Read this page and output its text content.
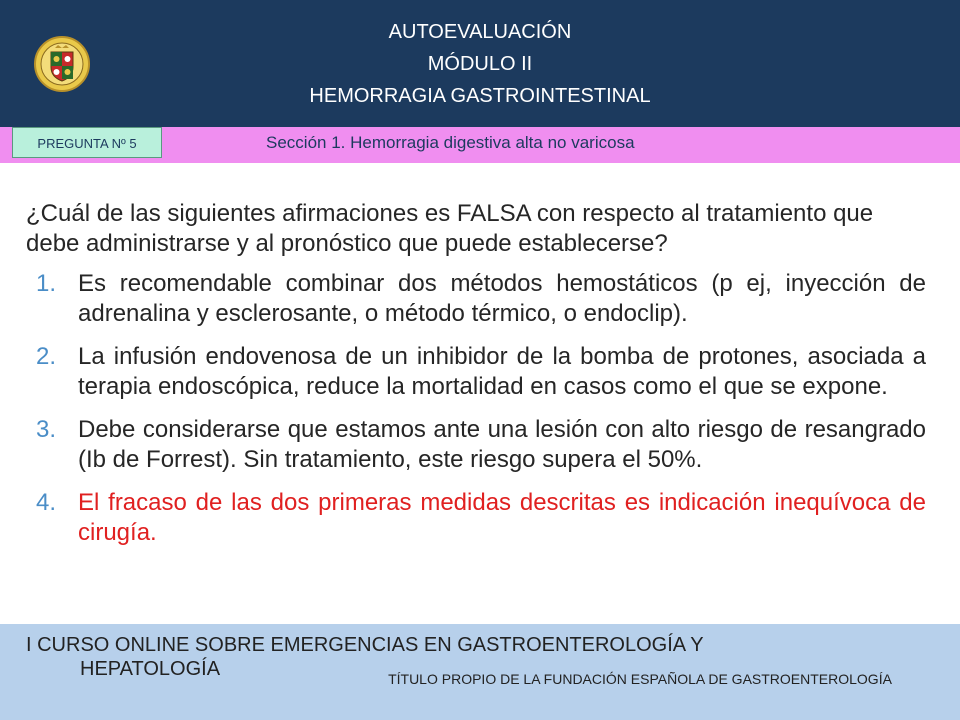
AUTOEVALUACIÓN
MÓDULO II
HEMORRAGIA GASTROINTESTINAL
PREGUNTA Nº 5	Sección 1. Hemorragia digestiva alta no varicosa

¿Cuál de las siguientes afirmaciones es FALSA con respecto al tratamiento que debe administrarse y al pronóstico que puede establecerse?

1. Es recomendable combinar dos métodos hemostáticos (p ej, inyección de adrenalina y esclerosante, o método térmico, o endoclip).
2. La infusión endovenosa de un inhibidor de la bomba de protones, asociada a terapia endoscópica, reduce la mortalidad en casos como el que se expone.
3. Debe considerarse que estamos ante una lesión con alto riesgo de resangrado (Ib de Forrest). Sin tratamiento, este riesgo supera el 50%.
4. El fracaso de las dos primeras medidas descritas es indicación inequívoca de cirugía.
I CURSO ONLINE SOBRE EMERGENCIAS EN GASTROENTEROLOGÍA Y
HEPATOLOGÍA	TÍTULO PROPIO DE LA FUNDACIÓN ESPAÑOLA DE GASTROENTEROLOGÍA
